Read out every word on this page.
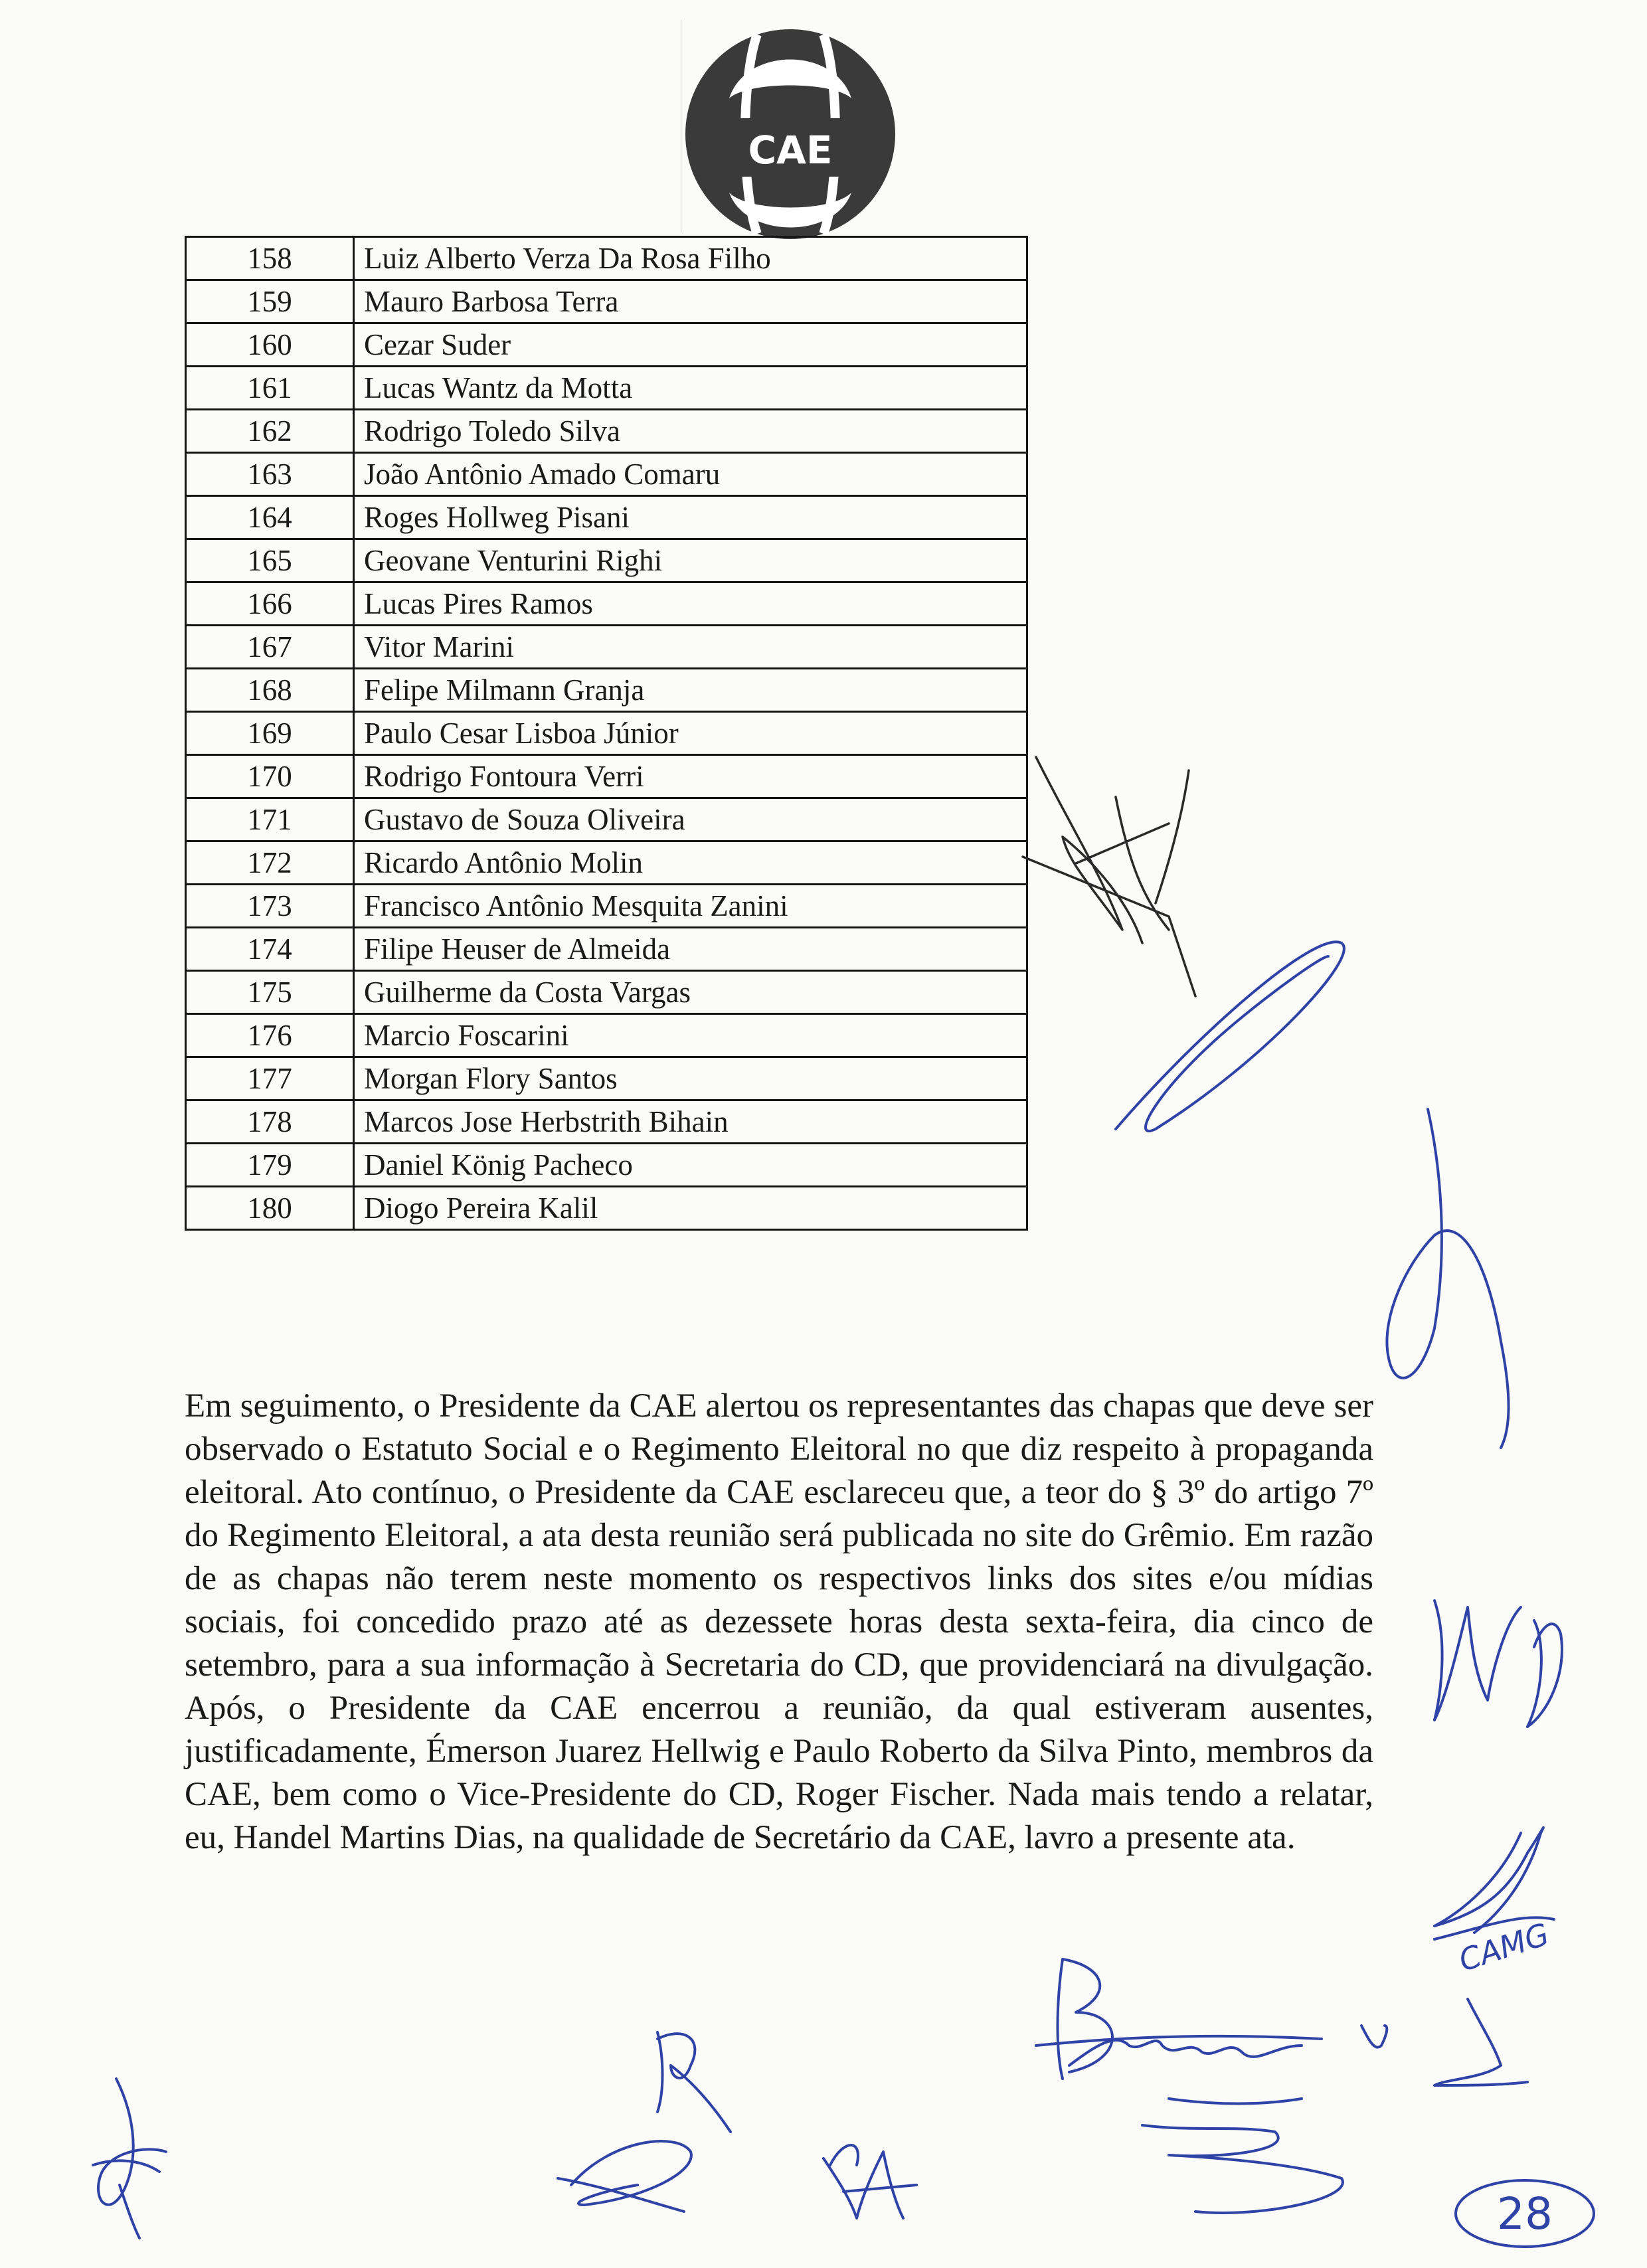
CAE
158	Luiz Alberto Verza Da Rosa Filho
159	Mauro Barbosa Terra
160	Cezar Suder
161	Lucas Wantz da Motta
162	Rodrigo Toledo Silva
163	João Antônio Amado Comaru
164	Roges Hollweg Pisani
165	Geovane Venturini Righi
166	Lucas Pires Ramos
167	Vitor Marini
168	Felipe Milmann Granja
169	Paulo Cesar Lisboa Júnior
170	Rodrigo Fontoura Verri
171	Gustavo de Souza Oliveira
172	Ricardo Antônio Molin
173	Francisco Antônio Mesquita Zanini
174	Filipe Heuser de Almeida
175	Guilherme da Costa Vargas
176	Marcio Foscarini
177	Morgan Flory Santos
178	Marcos Jose Herbstrith Bihain
179	Daniel König Pacheco
180	Diogo Pereira Kalil

Em seguimento, o Presidente da CAE alertou os representantes das chapas que deve ser observado o Estatuto Social e o Regimento Eleitoral no que diz respeito à propaganda eleitoral. Ato contínuo, o Presidente da CAE esclareceu que, a teor do § 3º do artigo 7º do Regimento Eleitoral, a ata desta reunião será publicada no site do Grêmio. Em razão de as chapas não terem neste momento os respectivos links dos sites e/ou mídias sociais, foi concedido prazo até as dezessete horas desta sexta-feira, dia cinco de setembro, para a sua informação à Secretaria do CD, que providenciará na divulgação. Após, o Presidente da CAE encerrou a reunião, da qual estiveram ausentes, justificadamente, Émerson Juarez Hellwig e Paulo Roberto da Silva Pinto, membros da CAE, bem como o Vice-Presidente do CD, Roger Fischer. Nada mais tendo a relatar, eu, Handel Martins Dias, na qualidade de Secretário da CAE, lavro a presente ata.

CAMG
28
